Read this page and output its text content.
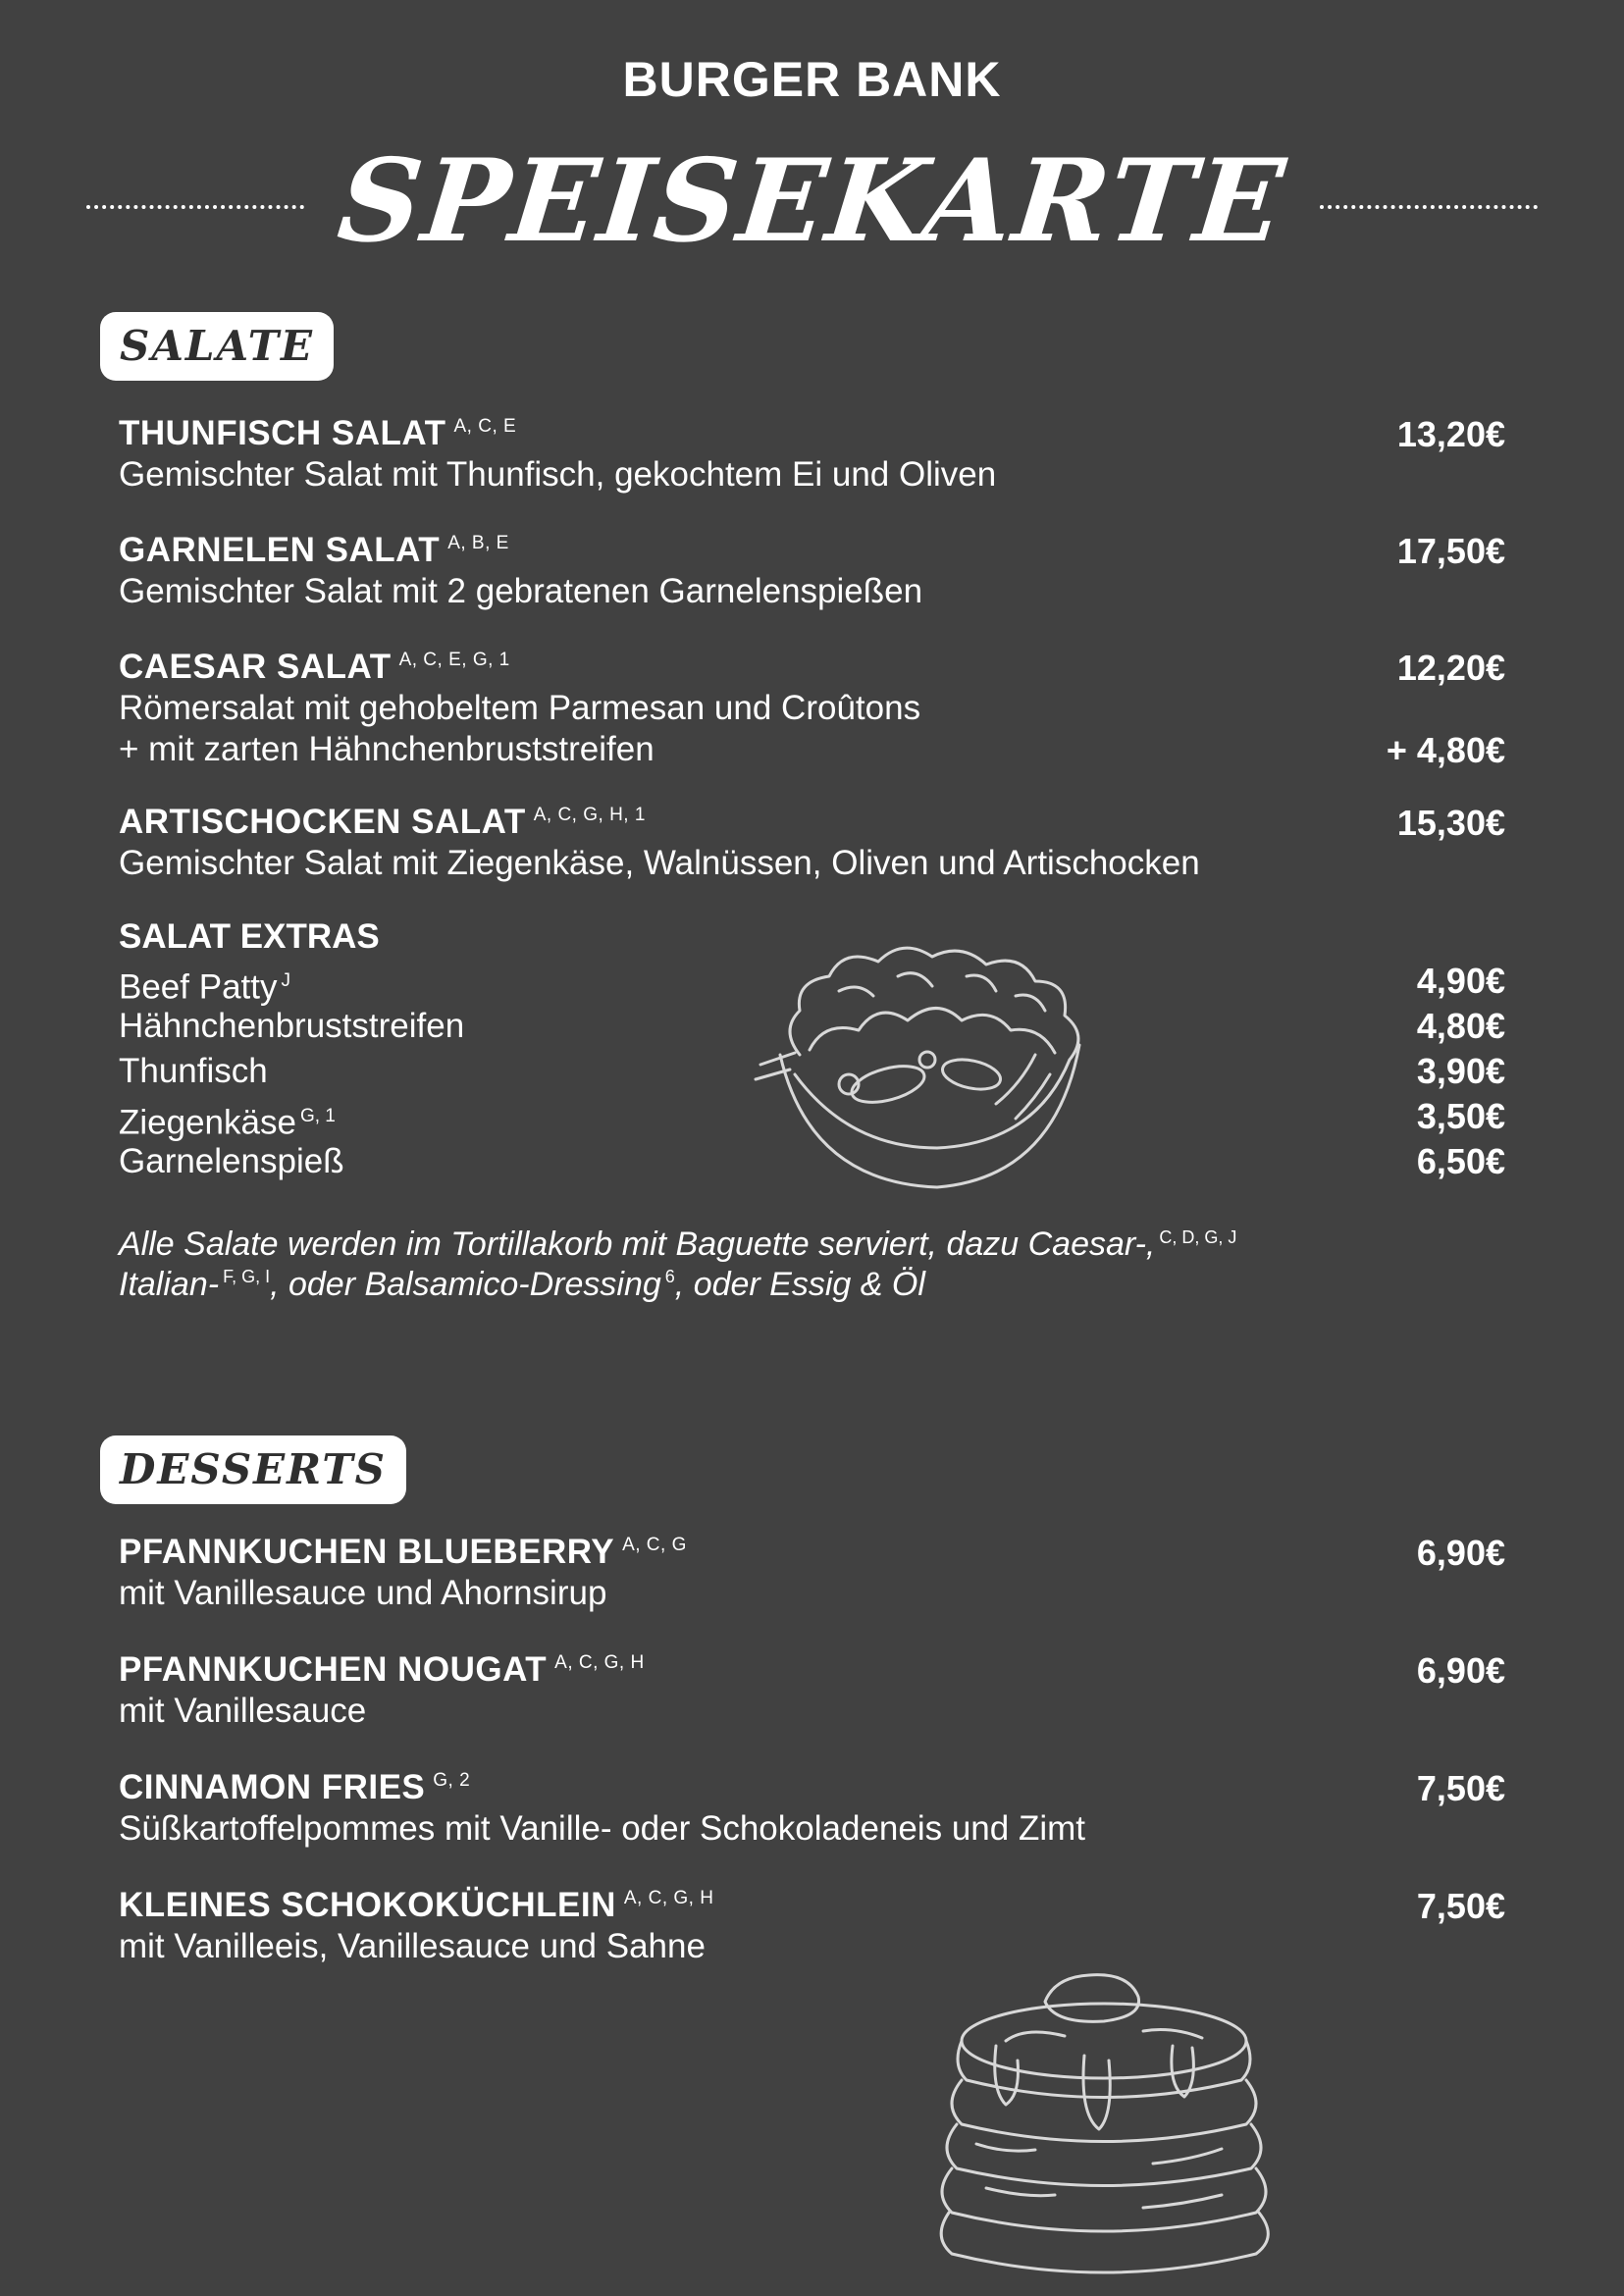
BURGER BANK
SPEISEKARTE
SALATE
THUNFISCH SALAT $^{A, C, E}$	13,20€
Gemischter Salat mit Thunfisch, gekochtem Ei und Oliven
GARNELEN SALAT $^{A, B, E}$	17,50€
Gemischter Salat mit 2 gebratenen Garnelenspießen
CAESAR SALAT $^{A, C, E, G, 1}$	12,20€
Römersalat mit gehobeltem Parmesan und Croûtons
+ mit zarten Hähnchenbruststreifen	+ 4,80€
ARTISCHOCKEN SALAT $^{A, C, G, H, 1}$	15,30€
Gemischter Salat mit Ziegenkäse, Walnüssen, Oliven und Artischocken
SALAT EXTRAS
Beef Patty $^J$	4,90€
Hähnchenbruststreifen	4,80€
Thunfisch	3,90€
Ziegenkäse $^{G, 1}$	3,50€
Garnelenspieß	6,50€
Alle Salate werden im Tortillakorb mit Baguette serviert, dazu Caesar-, $^{C, D, G, J}$
Italian- $^{F, G, I}$, oder Balsamico-Dressing $^6$, oder Essig & Öl
DESSERTS
PFANNKUCHEN BLUEBERRY $^{A, C, G}$	6,90€
mit Vanillesauce und Ahornsirup
PFANNKUCHEN NOUGAT $^{A, C, G, H}$	6,90€
mit Vanillesauce
CINNAMON FRIES $^{G, 2}$	7,50€
Süßkartoffelpommes mit Vanille- oder Schokoladeneis und Zimt
KLEINES SCHOKOKÜCHLEIN $^{A, C, G, H}$	7,50€
mit Vanilleeis, Vanillesauce und Sahne
